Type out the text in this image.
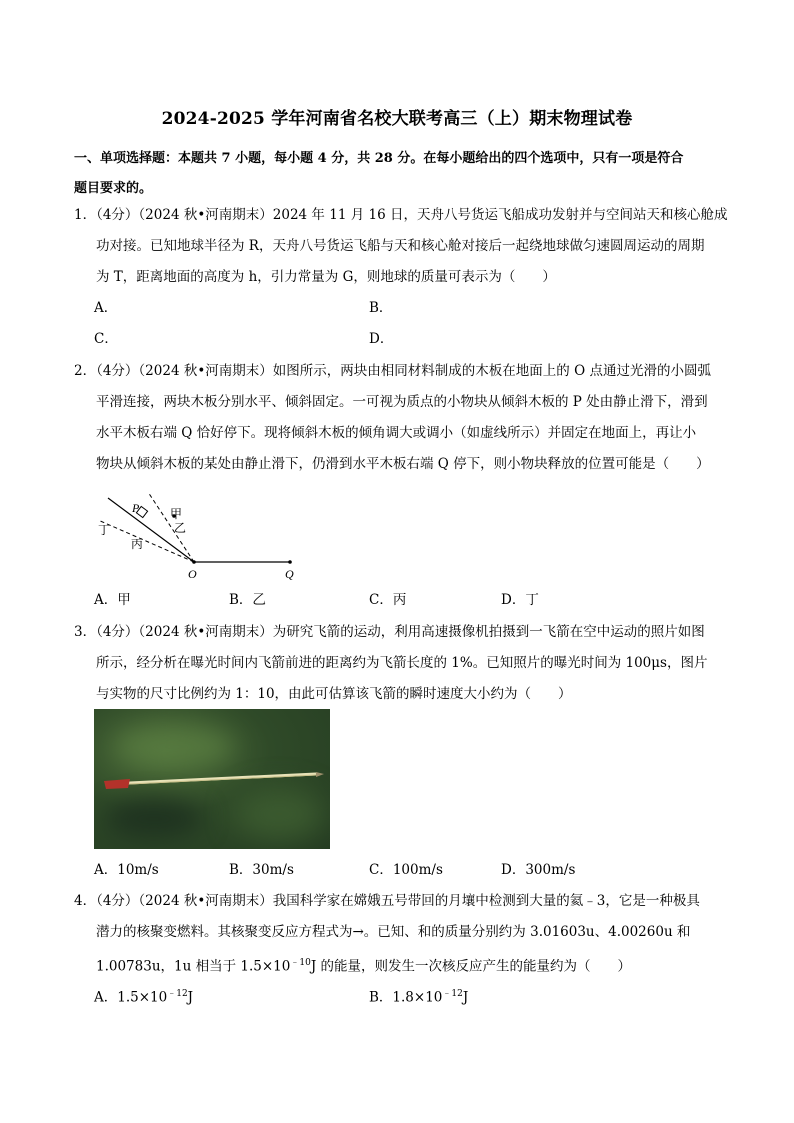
2024-2025 学年河南省名校大联考高三（上）期末物理试卷
一、单项选择题：本题共 7 小题，每小题 4 分，共 28 分。在每小题给出的四个选项中，只有一项是符合
题目要求的。
1．（4分）（2024 秋•河南期末）2024 年 11 月 16 日，天舟八号货运飞船成功发射并与空间站天和核心舱成
功对接。已知地球半径为 R，天舟八号货运飞船与天和核心舱对接后一起绕地球做匀速圆周运动的周期
为 T，距离地面的高度为 h，引力常量为 G，则地球的质量可表示为（　　）
A．	B．
C．	D．
2．（4分）（2024 秋•河南期末）如图所示，两块由相同材料制成的木板在地面上的 O 点通过光滑的小圆弧
平滑连接，两块木板分别水平、倾斜固定。一可视为质点的小物块从倾斜木板的 P 处由静止滑下，滑到
水平木板右端 Q 恰好停下。现将倾斜木板的倾角调大或调小（如虚线所示）并固定在地面上，再让小
物块从倾斜木板的某处由静止滑下，仍滑到水平木板右端 Q 停下，则小物块释放的位置可能是（　　）
P	甲
乙
丁
丙
O	Q
A．甲	B．乙	C．丙	D．丁
3．（4分）（2024 秋•河南期末）为研究飞箭的运动，利用高速摄像机拍摄到一飞箭在空中运动的照片如图
所示，经分析在曝光时间内飞箭前进的距离约为飞箭长度的 1%。已知照片的曝光时间为 100μs，图片
与实物的尺寸比例约为 1：10，由此可估算该飞箭的瞬时速度大小约为（　　）
A．10m/s	B．30m/s	C．100m/s	D．300m/s
4．（4分）（2024 秋•河南期末）我国科学家在嫦娥五号带回的月壤中检测到大量的氦﹣3，它是一种极具
潜力的核聚变燃料。其核聚变反应方程式为→。已知、和的质量分别约为 3.01603u、4.00260u 和
1.00783u，1u 相当于 $1.5\times 10^{﹣10}J$ 的能量，则发生一次核反应产生的能量约为（　　）
A．$1.5\times 10^{﹣12}J$	B．$1.8\times 10^{﹣12}J$
